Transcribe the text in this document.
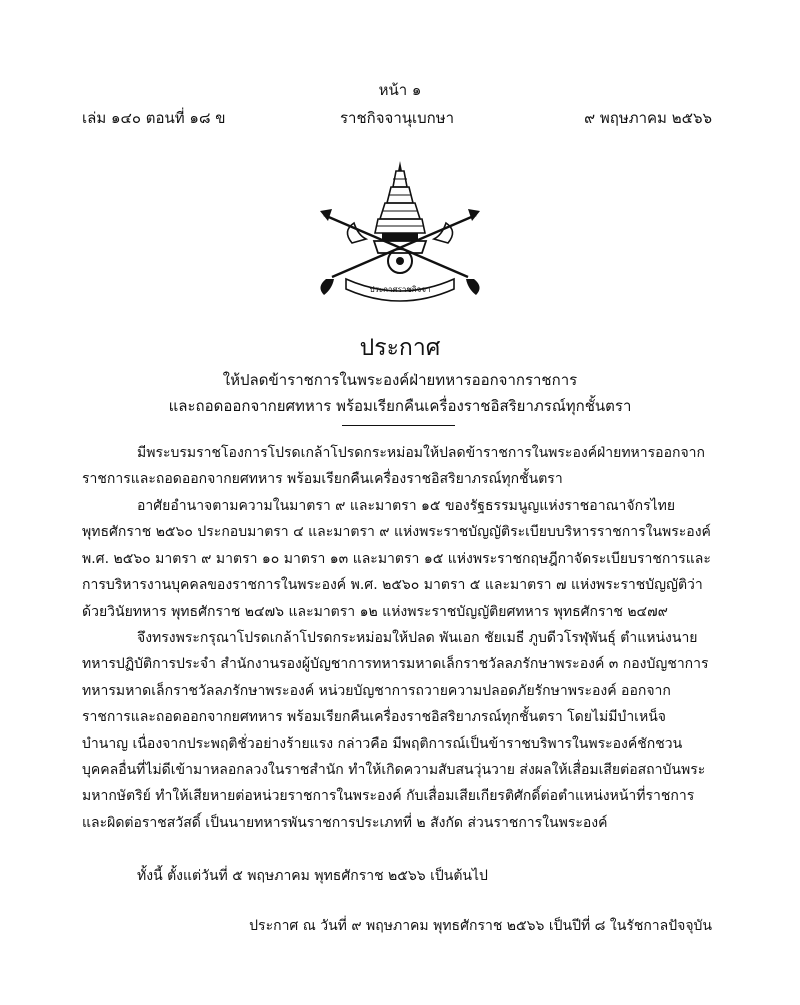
หน้า ๑
เล่ม ๑๔๐ ตอนที่ ๑๘ ข	ราชกิจจานุเบกษา	๙ พฤษภาคม ๒๕๖๖
ประกาศราชกิจจา
ประกาศ
ให้ปลดข้าราชการในพระองค์ฝ่ายทหารออกจากราชการ
และถอดออกจากยศทหาร พร้อมเรียกคืนเครื่องราชอิสริยาภรณ์ทุกชั้นตรา
มีพระบรมราชโองการโปรดเกล้าโปรดกระหม่อมให้ปลดข้าราชการในพระองค์ฝ่ายทหารออกจากราชการและถอดออกจากยศทหาร พร้อมเรียกคืนเครื่องราชอิสริยาภรณ์ทุกชั้นตรา
อาศัยอำนาจตามความในมาตรา ๙ และมาตรา ๑๕ ของรัฐธรรมนูญแห่งราชอาณาจักรไทย พุทธศักราช ๒๕๖๐ ประกอบมาตรา ๔ และมาตรา ๙ แห่งพระราชบัญญัติระเบียบบริหารราชการในพระองค์ พ.ศ. ๒๕๖๐ มาตรา ๙ มาตรา ๑๐ มาตรา ๑๓ และมาตรา ๑๕ แห่งพระราชกฤษฎีกาจัดระเบียบราชการและการบริหารงานบุคคลของราชการในพระองค์ พ.ศ. ๒๕๖๐ มาตรา ๕ และมาตรา ๗ แห่งพระราชบัญญัติว่าด้วยวินัยทหาร พุทธศักราช ๒๔๗๖ และมาตรา ๑๒ แห่งพระราชบัญญัติยศทหาร พุทธศักราช ๒๔๗๙
จึงทรงพระกรุณาโปรดเกล้าโปรดกระหม่อมให้ปลด พันเอก ชัยเมธี ภูบดีวโรฬุพันธุ์ ตำแหน่งนายทหารปฏิบัติการประจำ สำนักงานรองผู้บัญชาการทหารมหาดเล็กราชวัลลภรักษาพระองค์ ๓ กองบัญชาการทหารมหาดเล็กราชวัลลภรักษาพระองค์ หน่วยบัญชาการถวายความปลอดภัยรักษาพระองค์ ออกจากราชการและถอดออกจากยศทหาร พร้อมเรียกคืนเครื่องราชอิสริยาภรณ์ทุกชั้นตรา โดยไม่มีบำเหน็จบำนาญ เนื่องจากประพฤติชั่วอย่างร้ายแรง กล่าวคือ มีพฤติการณ์เป็นข้าราชบริพารในพระองค์ชักชวนบุคคลอื่นที่ไม่ดีเข้ามาหลอกลวงในราชสำนัก ทำให้เกิดความสับสนวุ่นวาย ส่งผลให้เสื่อมเสียต่อสถาบันพระมหากษัตริย์ ทำให้เสียหายต่อหน่วยราชการในพระองค์ กับเสื่อมเสียเกียรติศักดิ์ต่อตำแหน่งหน้าที่ราชการ และผิดต่อราชสวัสดิ์ เป็นนายทหารพันราชการประเภทที่ ๒ สังกัด ส่วนราชการในพระองค์
ทั้งนี้ ตั้งแต่วันที่ ๕ พฤษภาคม พุทธศักราช ๒๕๖๖ เป็นต้นไป
ประกาศ ณ วันที่ ๙ พฤษภาคม พุทธศักราช ๒๕๖๖ เป็นปีที่ ๘ ในรัชกาลปัจจุบัน
